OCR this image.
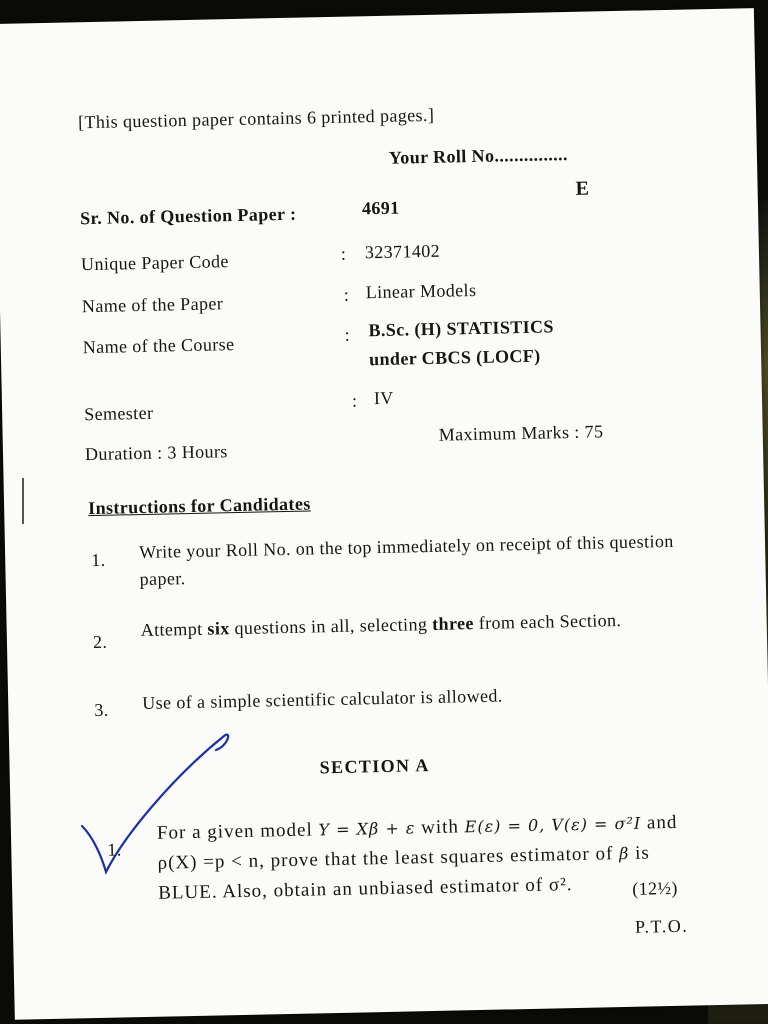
[This question paper contains 6 printed pages.]
Your Roll No...............
Sr. No. of Question Paper :	4691
E
Unique Paper Code	: 32371402
Name of the Paper	: Linear Models
Name of the Course	: B.Sc. (H) STATISTICS
under CBCS (LOCF)
Semester
: IV
Duration : 3 Hours
Maximum Marks : 75
Instructions for Candidates
1. Write your Roll No. on the top immediately on receipt of this question paper.
2.
Attempt six questions in all, selecting three from each Section.
3. Use of a simple scientific calculator is allowed.
SECTION A
1.
For a given model Y = Xβ + ε with E(ε) = 0, V(ε) = σ²I and ρ(X) =p < n, prove that the least squares estimator of β is BLUE. Also, obtain an unbiased estimator of σ².	(12½)
P.T.O.
